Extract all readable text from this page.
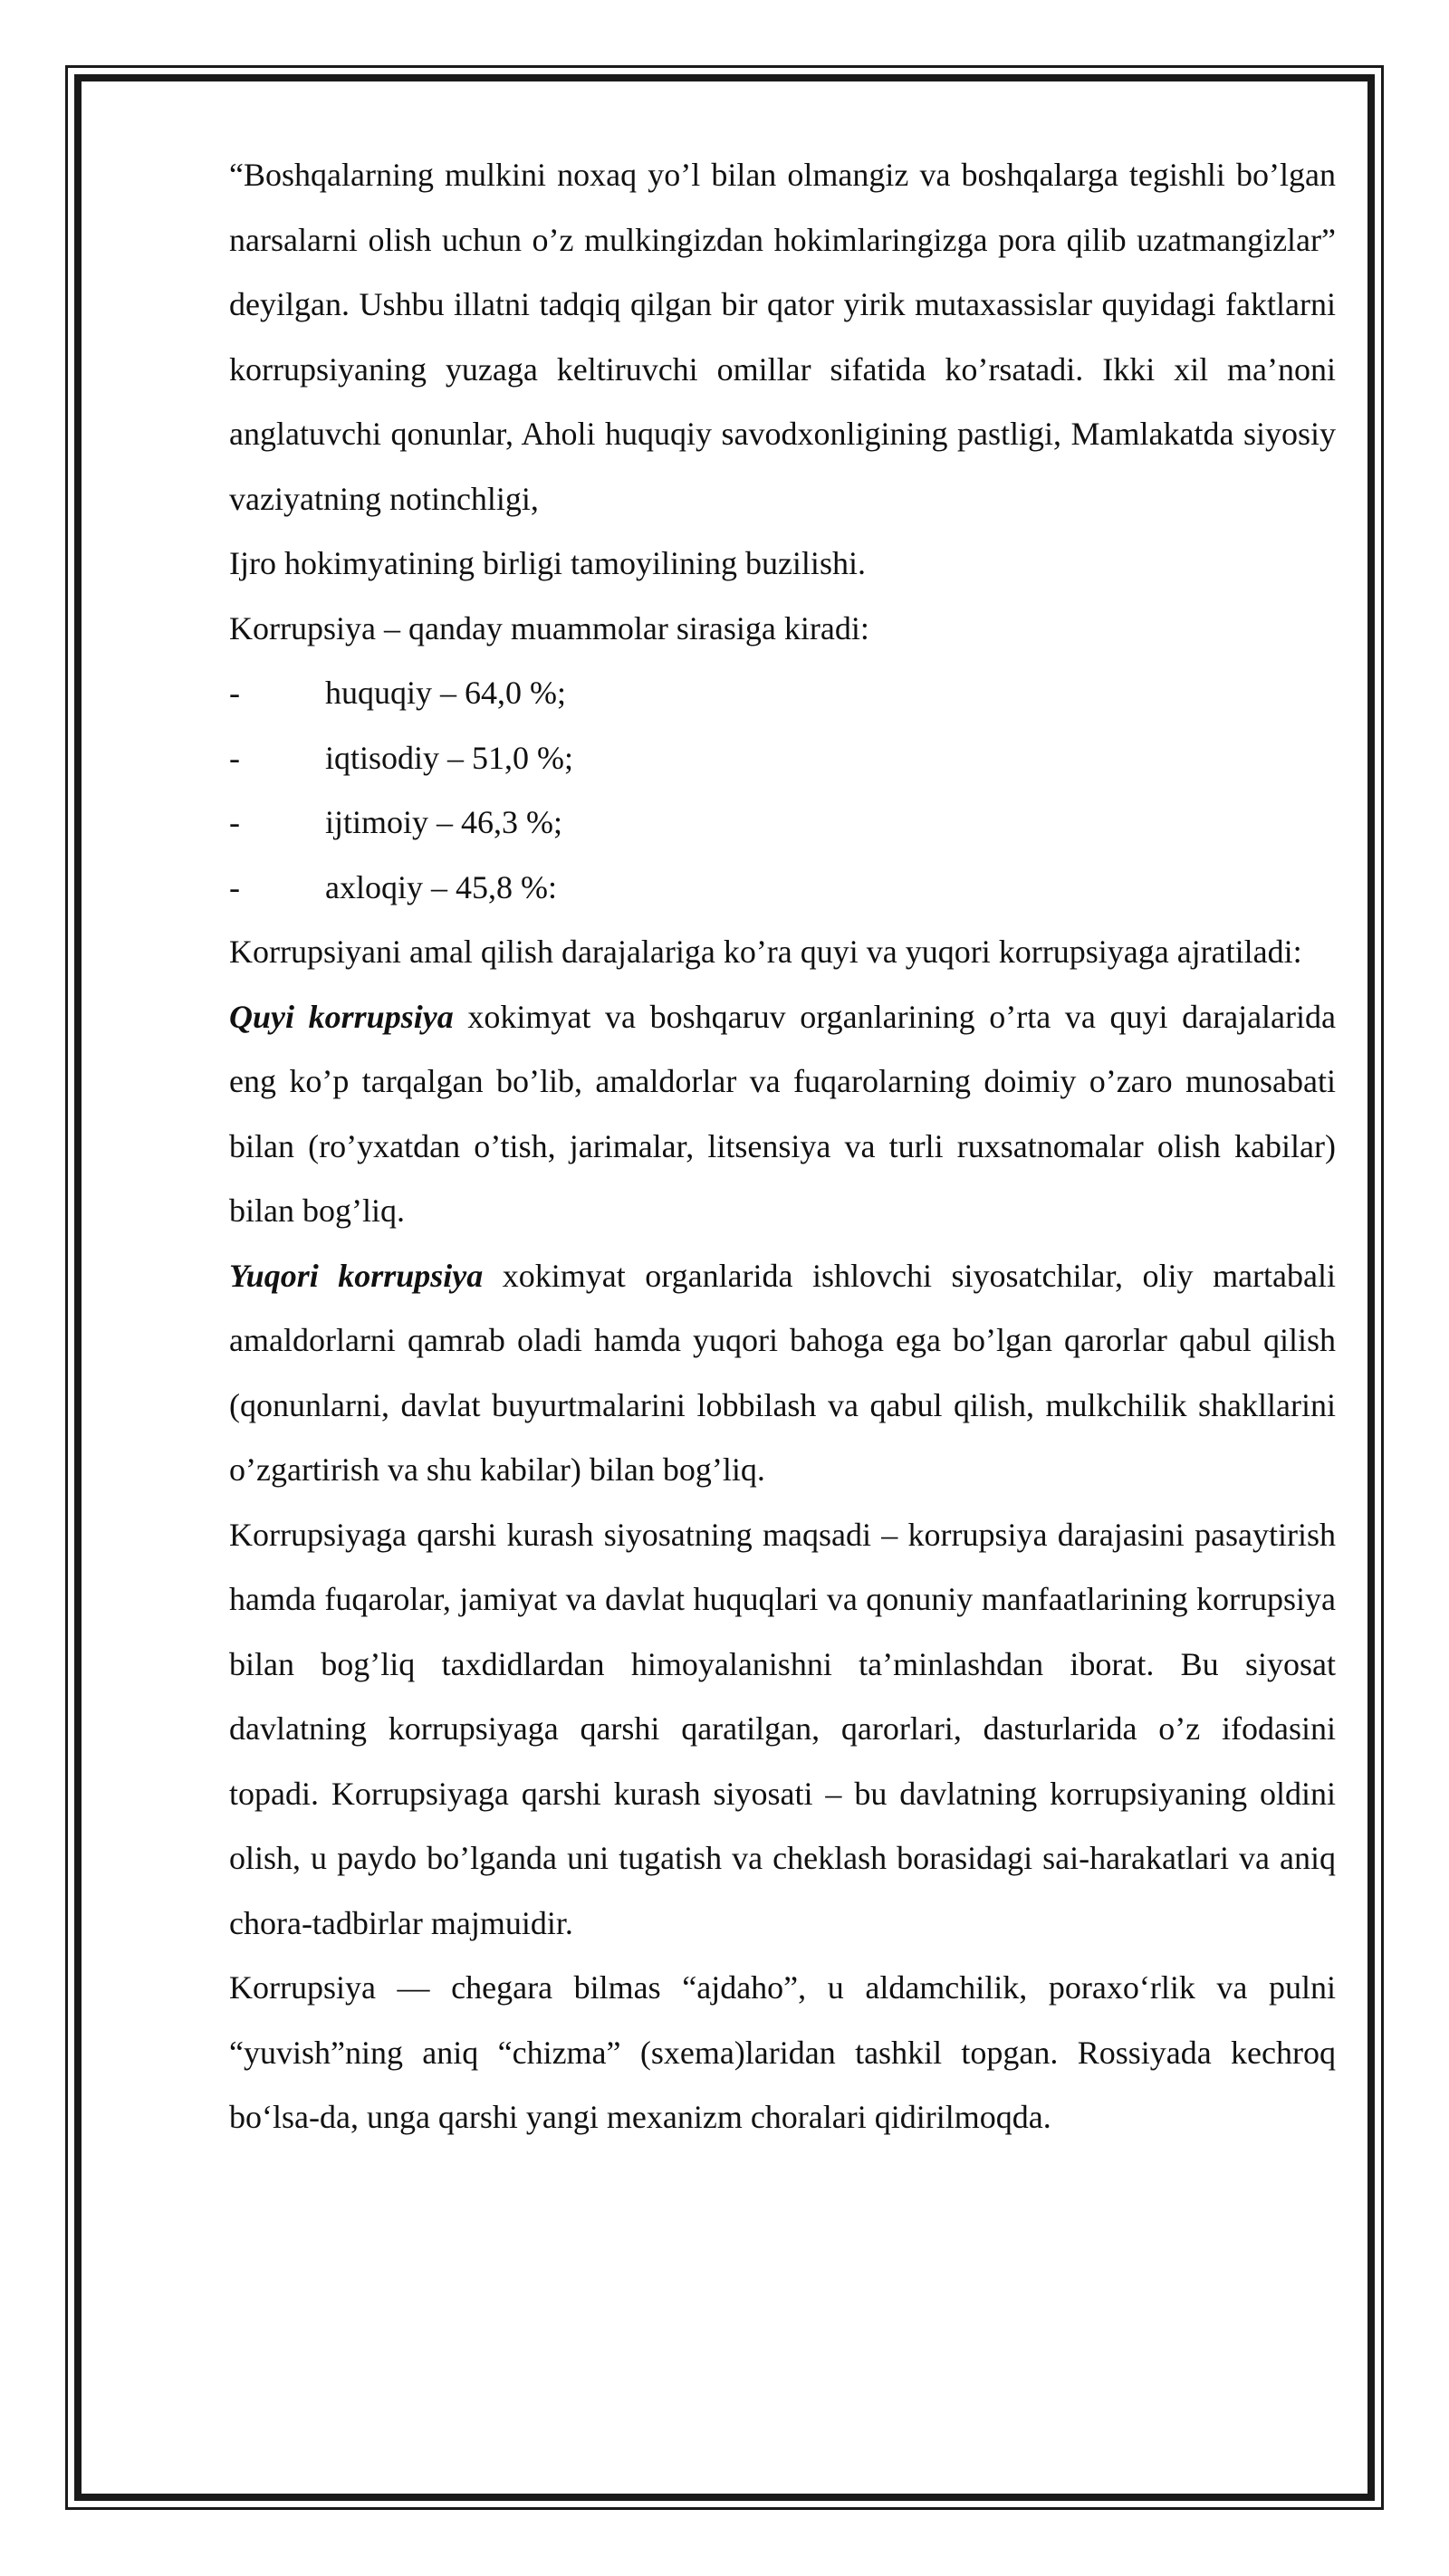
“Boshqalarning mulkini noxaq yo’l bilan olmangiz va boshqalarga tegishli bo’lgan narsalarni olish uchun o’z mulkingizdan hokimlaringizga pora qilib uzatmangizlar” deyilgan. Ushbu illatni tadqiq qilgan bir qator yirik mutaxassislar quyidagi faktlarni korrupsiyaning yuzaga keltiruvchi omillar sifatida ko’rsatadi. Ikki xil ma’noni anglatuvchi qonunlar, Aholi huquqiy savodxonligining pastligi, Mamlakatda siyosiy vaziyatning notinchligi,

Ijro hokimyatining birligi tamoyilining buzilishi.

Korrupsiya – qanday muammolar sirasiga kiradi:

-	huquqiy – 64,0 %;

-	iqtisodiy – 51,0 %;

-	ijtimoiy – 46,3 %;

-	axloqiy – 45,8 %:

Korrupsiyani amal qilish darajalariga ko’ra quyi va yuqori korrupsiyaga ajratiladi:

Quyi korrupsiya xokimyat va boshqaruv organlarining o’rta va quyi darajalarida eng ko’p tarqalgan bo’lib, amaldorlar va fuqarolarning doimiy o’zaro munosabati bilan (ro’yxatdan o’tish, jarimalar, litsensiya va turli ruxsatnomalar olish kabilar) bilan bog’liq.

Yuqori korrupsiya xokimyat organlarida ishlovchi siyosatchilar, oliy martabali amaldorlarni qamrab oladi hamda yuqori bahoga ega bo’lgan qarorlar qabul qilish (qonunlarni, davlat buyurtmalarini lobbilash va qabul qilish, mulkchilik shakllarini o’zgartirish va shu kabilar) bilan bog’liq.

Korrupsiyaga qarshi kurash siyosatning maqsadi – korrupsiya darajasini pasaytirish hamda fuqarolar, jamiyat va davlat huquqlari va qonuniy manfaatlarining korrupsiya bilan bog’liq taxdidlardan himoyalanishni ta’minlashdan iborat. Bu siyosat davlatning korrupsiyaga qarshi qaratilgan, qarorlari, dasturlarida o’z ifodasini topadi. Korrupsiyaga qarshi kurash siyosati – bu davlatning korrupsiyaning oldini olish, u paydo bo’lganda uni tugatish va cheklash borasidagi sai-harakatlari va aniq chora-tadbirlar majmuidir.

Korrupsiya — chegara bilmas “ajdaho”, u aldamchilik, poraxo‘rlik va pulni “yuvish”ning aniq “chizma” (sxema)laridan tashkil topgan. Rossiyada kechroq bo‘lsa-da, unga qarshi yangi mexanizm choralari qidirilmoqda.
